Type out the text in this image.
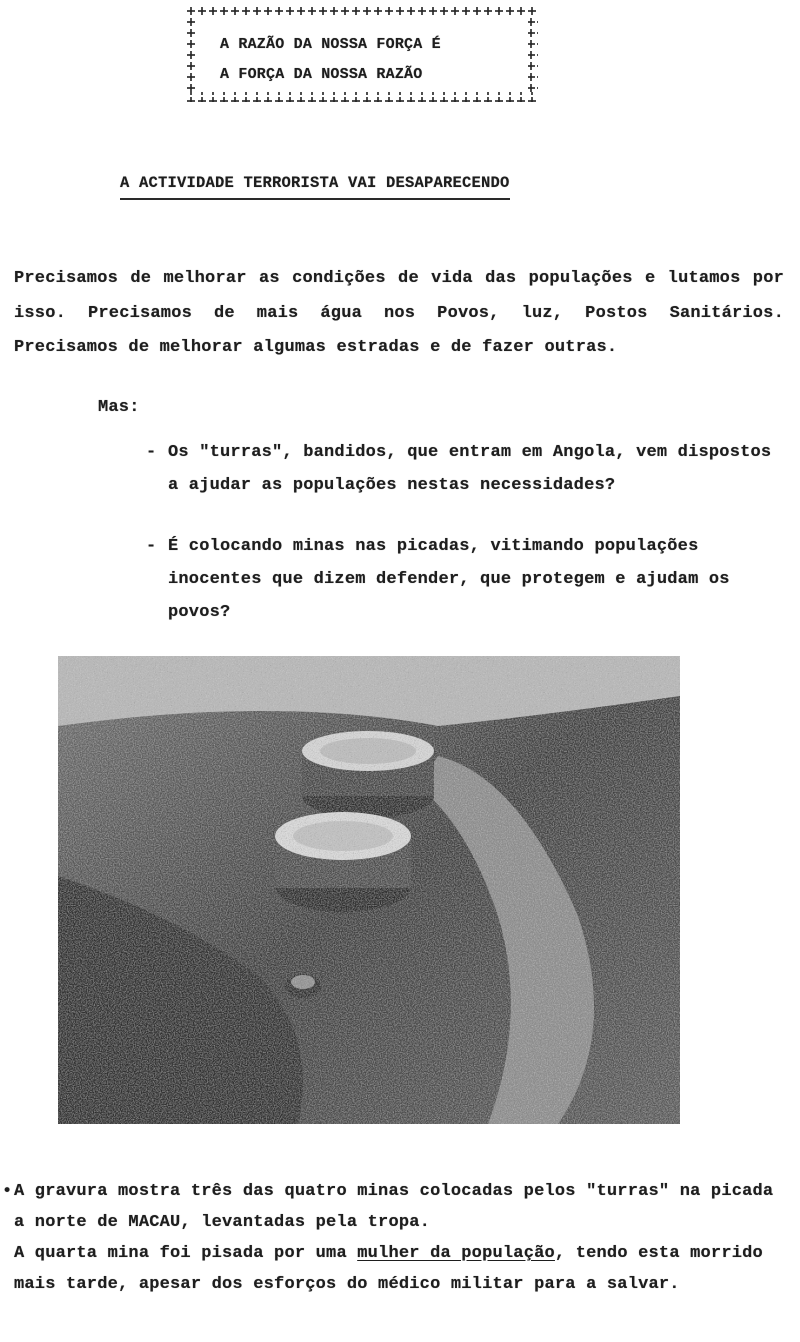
A RAZÃO DA NOSSA FORÇA É
A FORÇA DA NOSSA RAZÃO
A ACTIVIDADE TERRORISTA VAI DESAPARECENDO
Precisamos de melhorar as condições de vida das populações e lutamos por isso. Precisamos de mais água nos Povos, luz, Postos Sanitários. Precisamos de melhorar algumas estradas e de fazer outras.
Mas:
- Os "turras", bandidos, que entram em Angola, vem dispostos a ajudar as populações nestas necessidades?
- É colocando minas nas picadas, vitimando populações inocentes que dizem defender, que protegem e ajudam os povos?
• A gravura mostra três das quatro minas colocadas pelos "turras" na picada a norte de MACAU, levantadas pela tropa.

A quarta mina foi pisada por uma mulher da população, tendo esta morrido mais tarde, apesar dos esforços do médico militar para a salvar.
